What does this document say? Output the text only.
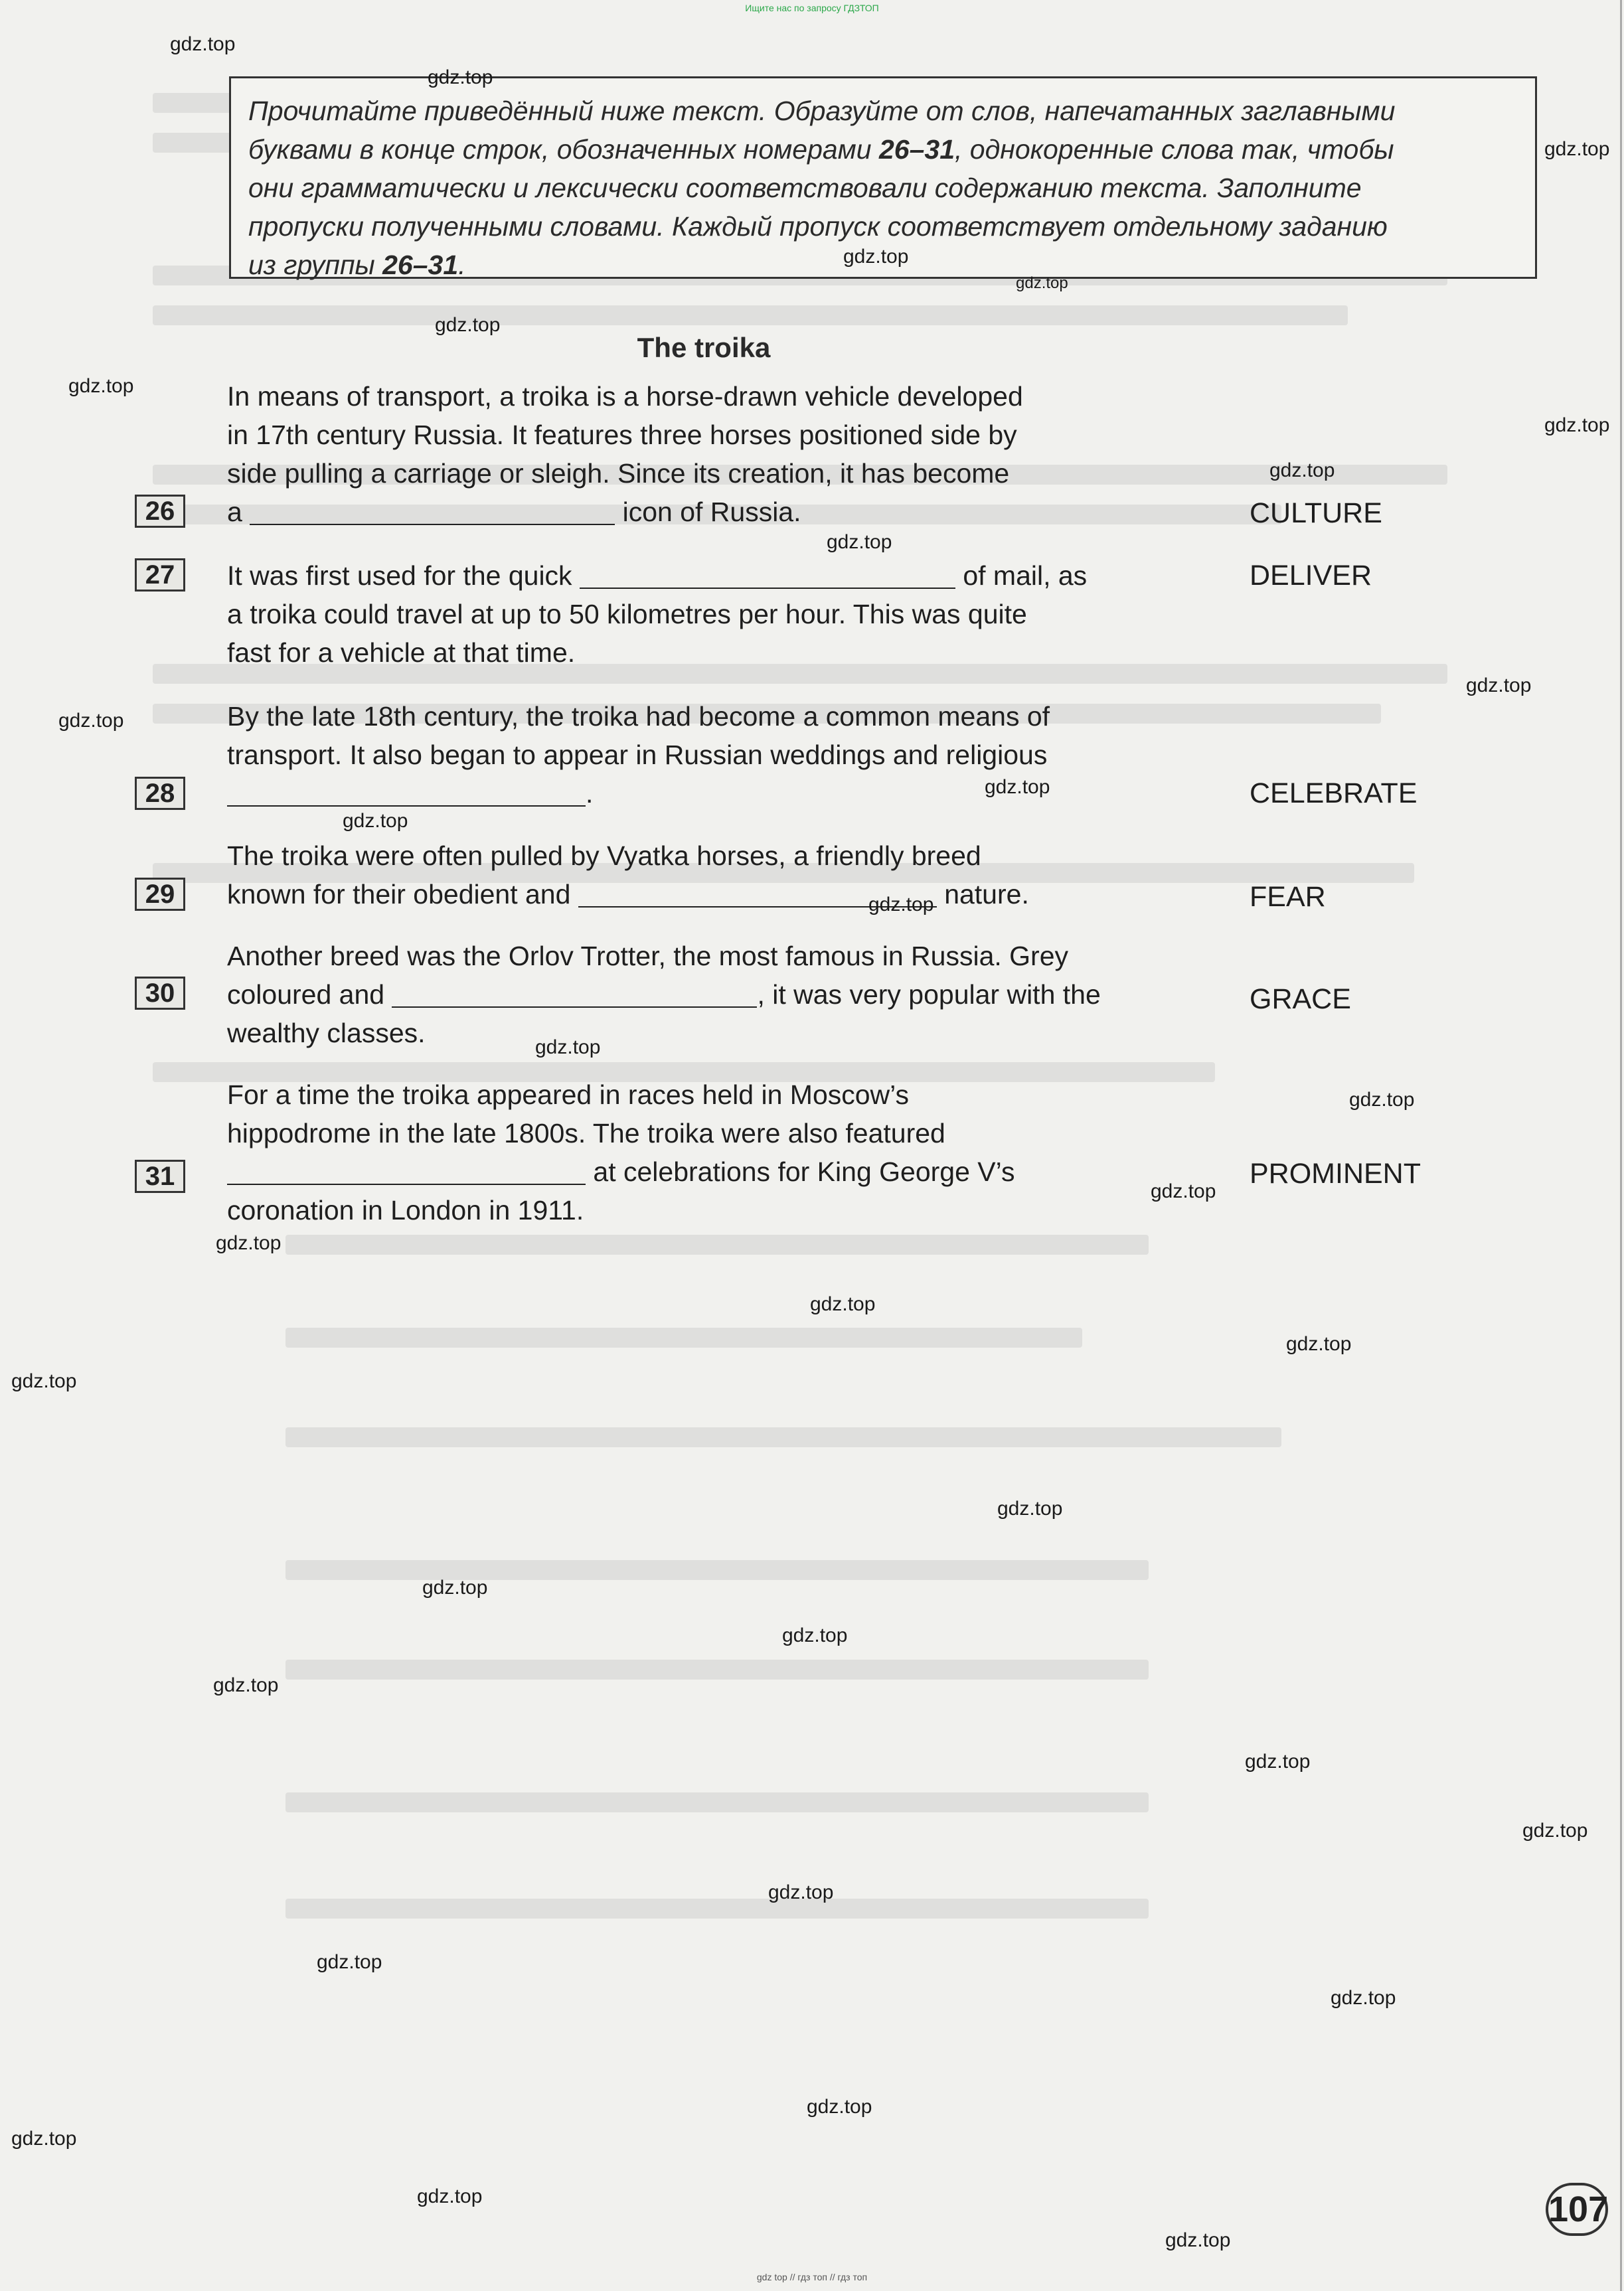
Ищите нас по запросу ГДЗТОП
Прочитайте приведённый ниже текст. Образуйте от слов, напечатанных заглавными
буквами в конце строк, обозначенных номерами 26–31, однокоренные слова так, чтобы
они грамматически и лексически соответствовали содержанию текста. Заполните
пропуски полученными словами. Каждый пропуск соответствует отдельному заданию
из группы 26–31.
The troika
In means of transport, a troika is a horse-drawn vehicle developed
in 17th century Russia. It features three horses positioned side by
side pulling a carriage or sleigh. Since its creation, it has become
a	icon of Russia.
26	CULTURE
It was first used for the quick	of mail, as
a troika could travel at up to 50 kilometres per hour. This was quite
fast for a vehicle at that time.
27	DELIVER
By the late 18th century, the troika had become a common means of
transport. It also began to appear in Russian weddings and religious
.
28	CELEBRATE
The troika were often pulled by Vyatka horses, a friendly breed
known for their obedient and	nature.
29	FEAR
Another breed was the Orlov Trotter, the most famous in Russia. Grey
coloured and	, it was very popular with the
wealthy classes.
30	GRACE
For a time the troika appeared in races held in Moscow’s
hippodrome in the late 1800s. The troika were also featured
at celebrations for King George V’s
coronation in London in 1911.
31	PROMINENT
gdz.top
gdz.top
gdz.top
gdz.top
gdz.top
gdz.top
gdz.top
gdz.top
gdz.top
gdz.top
gdz.top
gdz.top
gdz.top
gdz.top
gdz.top
gdz.top
gdz.top
gdz.top
gdz.top
gdz.top
gdz.top
gdz.top
gdz.top
gdz.top
gdz.top
gdz.top
gdz.top
gdz.top
gdz.top
gdz.top
gdz.top
gdz.top
gdz.top
gdz.top
gdz.top
107
gdz top // гдз топ // гдз топ
